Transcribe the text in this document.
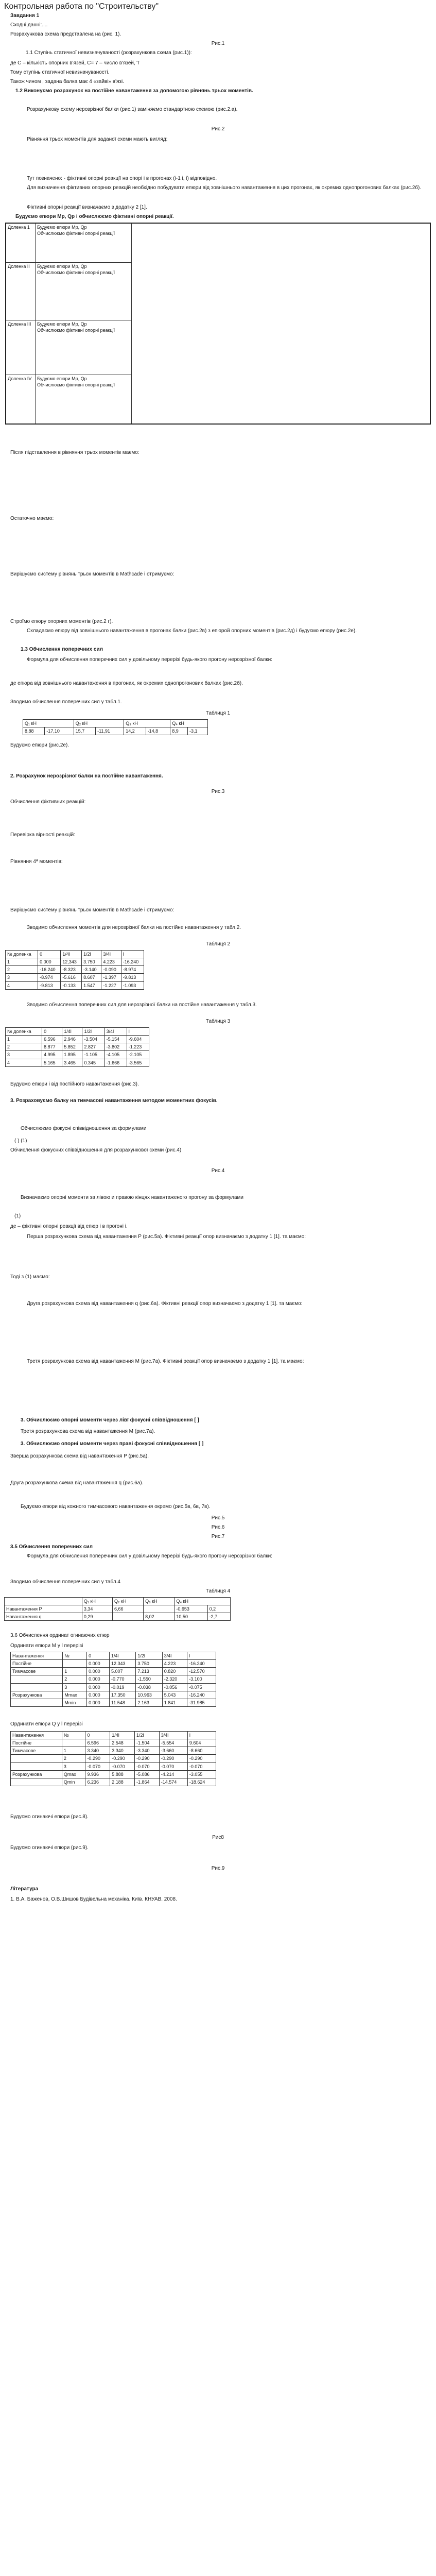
Контрольная работа по "Строительству"
Завдання 1
Сходні данні:....
Розрахункова схема представлена на (рис. 1).
Рис.1
1.1 Ступінь статичної невизначуваності (розрахункова схема (рис.1)):
де С – кількість опорних в'язей, С= 7 – число в'язей, Ƭ
Тому ступінь статичної невизначуваності.
Також чином , задана балка має 4 «зайві» в'язі.
1.2 Виконуємо розрахунок на постійне навантаження за допомогою рівнянь трьох моментів.
Розрахункову схему нерозрізної балки (рис.1) заміняємо стандартною схемою (рис.2.а).
Рис.2
Рівняння трьох моментів для заданої схеми мають вигляд:
Тут позначено: - фіктивні опорні реакції на опорі і в прогонах (і-1 і, і) відповідно.
Для визначення фіктивних опорних реакцій необхідно побудувати епюри від зовнішнього навантаження в цих прогонах, як окремих однопрогонових балках (рис.2б).
Фіктивні опорні реакції визначаємо з додатку 2 [1].
Будуємо епюри Mp, Qp і обчислюємо фіктивні опорні реакції.
Доленка 1	Будуємо епюри Mp, Qp
Обчислюємо фіктивні опорні реакції	

Доленка II	Будуємо епюри Mp, Qp
Обчислюємо фіктивні опорні реакції	

Доленка III	Будуємо епюри Mp, Qp
Обчислюємо фіктивні опорні реакції	

Доленка IV	Будуємо епюри Mp, Qp
Обчислюємо фіктивні опорні реакції	

Після підставлення в рівняння трьох моментів маємо:
Остаточно маємо:
Вирішуємо систему рівнянь трьох моментів в Mathcade і отримуємо:
Строїмо епюру опорних моментів (рис.2 г).
Складаємо епюру від зовнішнього навантаження в прогонах балки (рис.2в) з епюрой опорних моментів (рис.2д) і будуємо епюру (рис.2е).
1.3 Обчислення поперечних сил
Формула для обчислення поперечних сил у довільному перерізі будь-якого прогону нерозрізної балки:
де епюра від зовнішнього навантаження в прогонах, як окремих однопрогонових балках (рис.2б).
Зводимо обчислення поперечних сил у табл.1.
Таблиця 1
Q₁ кН		Q₂ кН		Q₃ кН		Q₄ кН	
8,88	-17,10	15,7	-11,91	14,2	-14,8	8,9	-3,1
Будуємо епюри (рис.2е).
2. Розрахунок нерозрізної балки на постійне навантаження.
Рис.3
Обчислення фіктивних реакцій:
Перевірка вірності реакцій:
Рівняння 4ª моментів:
Вирішуємо систему рівнянь трьох моментів в Mathcade і отримуємо:
Зводимо обчислення моментів для нерозрізної балки на постійне навантаження у табл.2.
Таблиця 2
№ доленка	0	1/4l	1/2l	3/4l	l
1	0.000	12,343	3.750	4.223	-16.240
2	-16.240	-8.323	-3.140	-0.090	-8.974
3	-8.974	-5.616	8.607	-1.397	-9.813
4	-9.813	-0.133	1.547	-1.227	-1.093
Зводимо обчислення поперечних сил для нерозрізної балки на постійне навантаження у табл.3.
Таблиця 3
№ доленка	0	1/4l	1/2l	3/4l	l
1	6.596	2.946	-3.504	-5.154	-9.604
2	8.877	5.852	2.827	-3.802	-1.223
3	4.995	1.895	-1.105	-4.105	-2.105
4	5.165	3.465	0.345	-1.666	-3.565
Будуємо епюри і від постійного навантаження (рис.3).
3. Розраховуємо балку на тимчасові навантаження методом моментних фокусів.
Обчислюємо фокусні співвідношення за формулами
( ) (1)
Обчислення фокусних співвідношення для розрахункової схеми (рис.4)
Рис.4
Визначаємо опорні моменти за лівою и правою кінцях навантаженого прогону за формулами
(1)
де – фіктивні опорні реакції від епюр і в прогоні і.
Перша розрахункова схема від навантаження P (рис.5а). Фіктивні реакції опор визначаємо з додатку 1 [1]. та маємо:
Тоді з (1) маємо:
Друга розрахункова схема від навантаження q (рис.6а). Фіктивні реакції опор визначаємо з додатку 1 [1]. та маємо:
Третя розрахункова схема від навантаження M (рис.7а). Фіктивні реакції опор визначаємо з додатку 1 [1]. та маємо:
3. Обчислюємо опорні моменти через лівї фокусні співвідношення [ ]
Третя розрахункова схема від навантаження M (рис.7а).
3. Обчислюємо опорні моменти через праві фокусні співвідношення [ ]
Зверша розрахункова схема від навантаження P (рис.5а).
Друга розрахункова схема від навантаження q (рис.6а).
Будуємо епюри від кожного тимчасового навантаження окремо (рис.5в, 6в, 7в).
Рис.5
Рис.6
Рис.7
3.5 Обчислення поперечних сил
Формула для обчислення поперечних сил у довільному перерізі будь-якого прогону нерозрізної балки:
Зводимо обчислення поперечних сил у табл.4
Таблиця 4
	Q₁ кН	Q₂ кН	Q₃ кН	Q₄ кН	
Навантаження P	3,34	6,66		-0,653	0,2
Навантаження q	0,29		8,02	10,50	-2,7
3.6 Обчислення ординат огинаючих епюр
Ординати епюри M у l перерізі
Навантаження	№	0	1/4l	1/2l	3/4l	l
Постійне		0.000	12.343	3.750	4.223	-16.240
Тимчасове	1	0.000	5.007	7.213	0.820	-12.570
	2	0.000	-0.770	-1.550	-2.320	-3.100
	3	0.000	-0.019	-0.038	-0.056	-0.075
Розрахункова	Mmax	0.000	17.350	10.963	5.043	-16.240
	Mmin	0.000	11.548	2.163	1.841	-31.985
Ординати епюри Q у l перерізі
Навантаження	№	0	1/4l	1/2l	3/4l	l
Постійне		6.596	2.548	-1.504	-5.554	9.604
Тимчасове	1	3.340	3.340	-3.340	-3.660	-8.660
	2	-0.290	-0.290	-0.290	-0.290	-0.290
	3	-0.070	-0.070	-0.070	-0.070	-0.070
Розрахункова	Qmax	9.936	5.888	-5.086	-4.214	-3.055
	Qmin	6.236	2.188	-1.864	-14.574	-18.624
Будуємо огинаючі епюри (рис.8).
Рис8
Будуємо огинаючі епюри (рис.9).
Рис.9
Література
1. В.А. Баженов, О.В.Шишов Будівельна механіка. Київ. КНУАВ. 2008.
